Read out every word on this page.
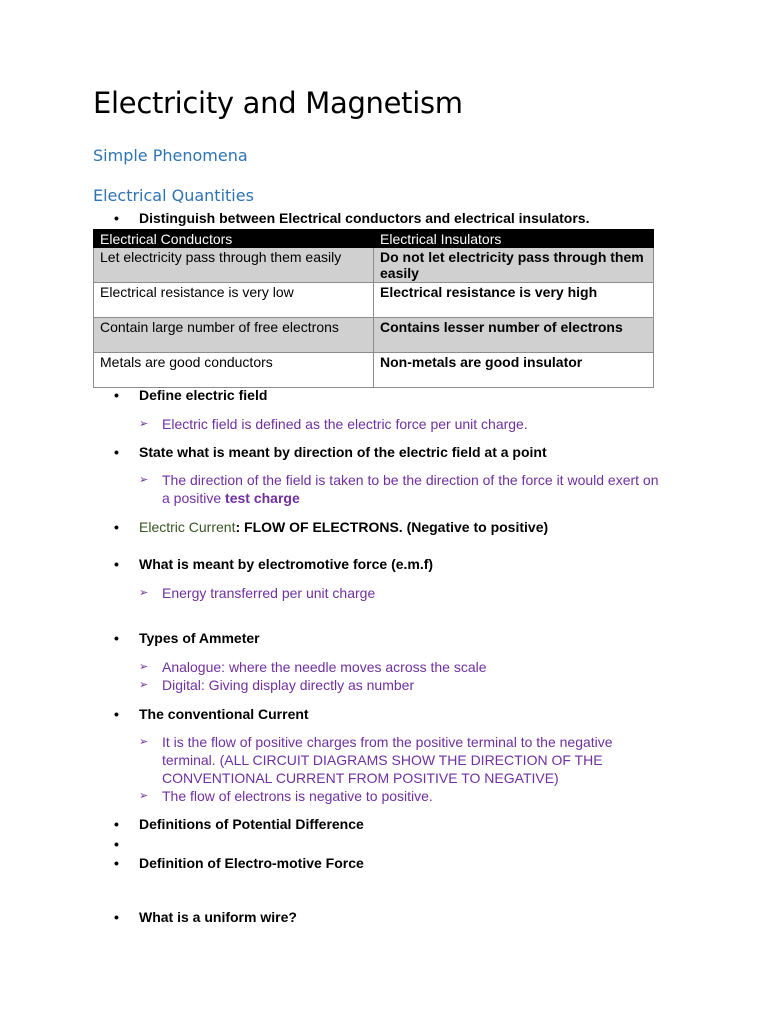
Electricity and Magnetism
Simple Phenomena
Electrical Quantities
• Distinguish between Electrical conductors and electrical insulators.
Electrical Conductors	Electrical Insulators
Let electricity pass through them easily	Do not let electricity pass through them easily
Electrical resistance is very low	Electrical resistance is very high
Contain large number of free electrons	Contains lesser number of electrons
Metals are good conductors	Non-metals are good insulator
• Define electric field
➢ Electric field is defined as the electric force per unit charge.
• State what is meant by direction of the electric field at a point
➢ The direction of the field is taken to be the direction of the force it would exert on a positive test charge
• Electric Current: FLOW OF ELECTRONS. (Negative to positive)
• What is meant by electromotive force (e.m.f)
➢ Energy transferred per unit charge
• Types of Ammeter
➢ Analogue: where the needle moves across the scale
➢ Digital: Giving display directly as number
• The conventional Current
➢ It is the flow of positive charges from the positive terminal to the negative terminal. (ALL CIRCUIT DIAGRAMS SHOW THE DIRECTION OF THE CONVENTIONAL CURRENT FROM POSITIVE TO NEGATIVE)
➢ The flow of electrons is negative to positive.
• Definitions of Potential Difference
•
• Definition of Electro-motive Force
• What is a uniform wire?
